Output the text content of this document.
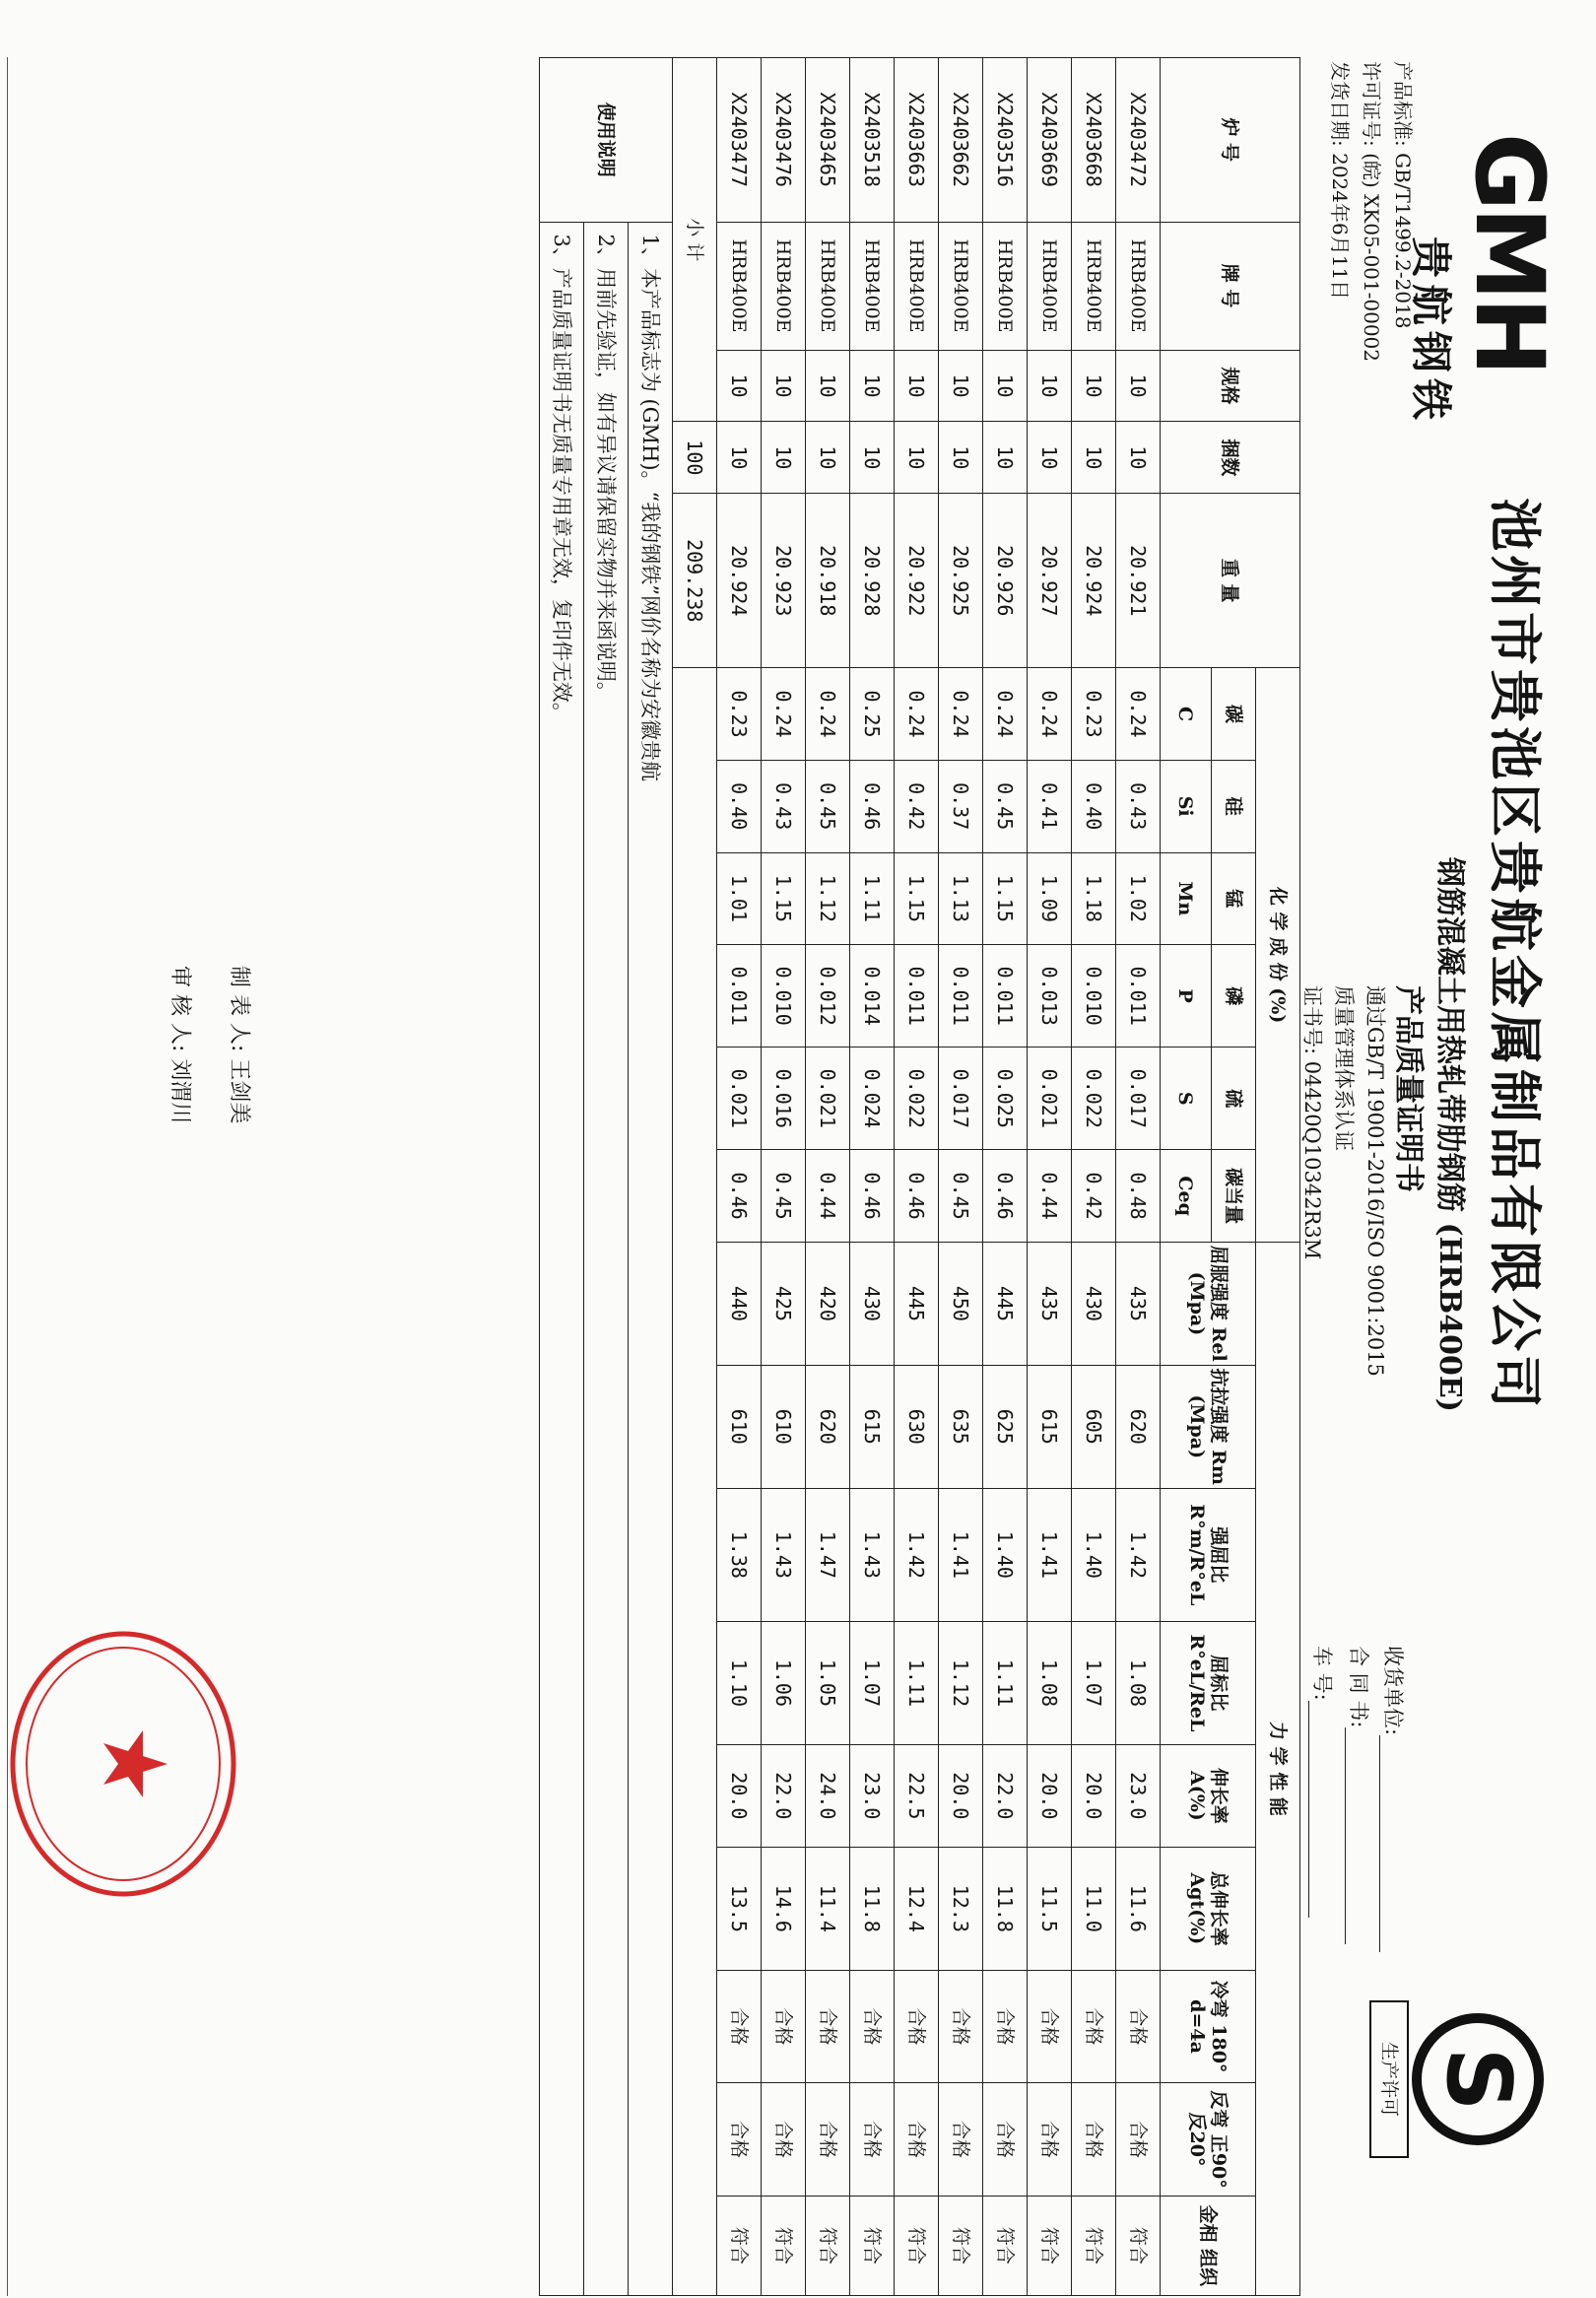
GMH
贵航钢铁
产品标准: GB/T1499.2-2018
许可证号: (皖) XK05-001-00002
发货日期: 2024年6月11日
池州市贵池区贵航金属制品有限公司
钢筋混凝土用热轧带肋钢筋 (HRB400E)
产品质量证明书
通过GB/T 19001-2016/ISO 9001:2015
质量管理体系认证
证书号: 04420Q10342R3M
S
生产许可
收货单位:
合 同 书:
车 号:
炉 号	牌 号	规格	捆数	重 量	化 学 成 份 (%)						力 学 性 能								
					碳	硅	锰	磷	硫	碳当量	屈服强度 Rel (Mpa)	抗拉强度 Rm (Mpa)	强屈比 R°m/R°eL	屈标比 R°eL/ReL	伸长率 A(%)	总伸长率 Agt(%)	冷弯 180° d=4a	反弯 正90° 反20°	金相 组织
					C	Si	Mn	P	S	Ceq									
X2403472	HRB400E	10	10	20.921	0.24	0.43	1.02	0.011	0.017	0.48	435	620	1.42	1.08	23.0	11.6	合格	合格	符合
X2403668	HRB400E	10	10	20.924	0.23	0.40	1.18	0.010	0.022	0.42	430	605	1.40	1.07	20.0	11.0	合格	合格	符合
X2403669	HRB400E	10	10	20.927	0.24	0.41	1.09	0.013	0.021	0.44	435	615	1.41	1.08	20.0	11.5	合格	合格	符合
X2403516	HRB400E	10	10	20.926	0.24	0.45	1.15	0.011	0.025	0.46	445	625	1.40	1.11	22.0	11.8	合格	合格	符合
X2403662	HRB400E	10	10	20.925	0.24	0.37	1.13	0.011	0.017	0.45	450	635	1.41	1.12	20.0	12.3	合格	合格	符合
X2403663	HRB400E	10	10	20.922	0.24	0.42	1.15	0.011	0.022	0.46	445	630	1.42	1.11	22.5	12.4	合格	合格	符合
X2403518	HRB400E	10	10	20.928	0.25	0.46	1.11	0.014	0.024	0.46	430	615	1.43	1.07	23.0	11.8	合格	合格	符合
X2403465	HRB400E	10	10	20.918	0.24	0.45	1.12	0.012	0.021	0.44	420	620	1.47	1.05	24.0	11.4	合格	合格	符合
X2403476	HRB400E	10	10	20.923	0.24	0.43	1.15	0.010	0.016	0.45	425	610	1.43	1.06	22.0	14.6	合格	合格	符合
X2403477	HRB400E	10	10	20.924	0.23	0.40	1.01	0.011	0.021	0.46	440	610	1.38	1.10	20.0	13.5	合格	合格	符合
小 计			100	209.238															
使用说明	1、本产品标志为 (GMH)。“我的钢铁”网价名称为安徽贵航																		
	2、用前先验证，如有异议请保留实物并来函说明。																		
	3、产品质量证明书无质量专用章无效，复印件无效。																		
制 表 人: 王剑美
审 核 人: 刘渭川
